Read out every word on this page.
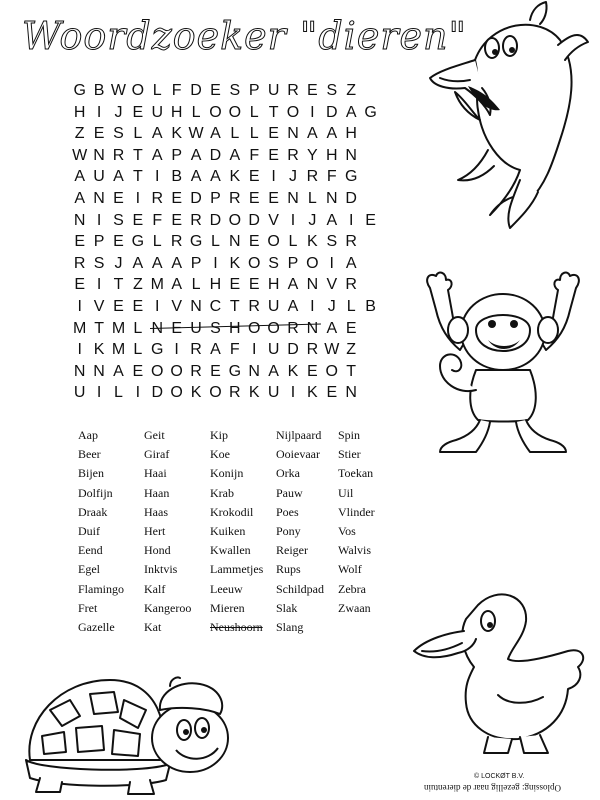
Woordzoeker "dieren"
G B W O L F D E S P U R E S Z
H I J E U H L O O L T O I D A G
Z E S L A K W A L L E N A A H
W N R T A P A D A F E R Y H N
A U A T I B A A K E I J R F G
A N E I R E D P R E E N L N D
N I S E F E R D O D V I J A I E
E P E G L R G L N E O L K S R
R S J A A A P I K O S P O I A
E I T Z M A L H E E H A N V R
I V E E I V N C T R U A I J L B
M T M L N E U S H O O R N A E
I K M L G I R A F I U D R W Z
N N A E O O R E G N A K E O T
U I L I D O K O R K U I K E N
Aap	Geit	Kip	Nijlpaard	Spin
Beer	Giraf	Koe	Ooievaar	Stier
Bijen	Haai	Konijn	Orka	Toekan
Dolfijn	Haan	Krab	Pauw	Uil
Draak	Haas	Krokodil	Poes	Vlinder
Duif	Hert	Kuiken	Pony	Vos
Eend	Hond	Kwallen	Reiger	Walvis
Egel	Inktvis	Lammetjes	Rups	Wolf
Flamingo	Kalf	Leeuw	Schildpad	Zebra
Fret	Kangeroo	Mieren	Slak	Zwaan
Gazelle	Kat	Neushoorn	Slang
© LOCKØT B.V.
Oplossing: gezellig naar de dierentuin
